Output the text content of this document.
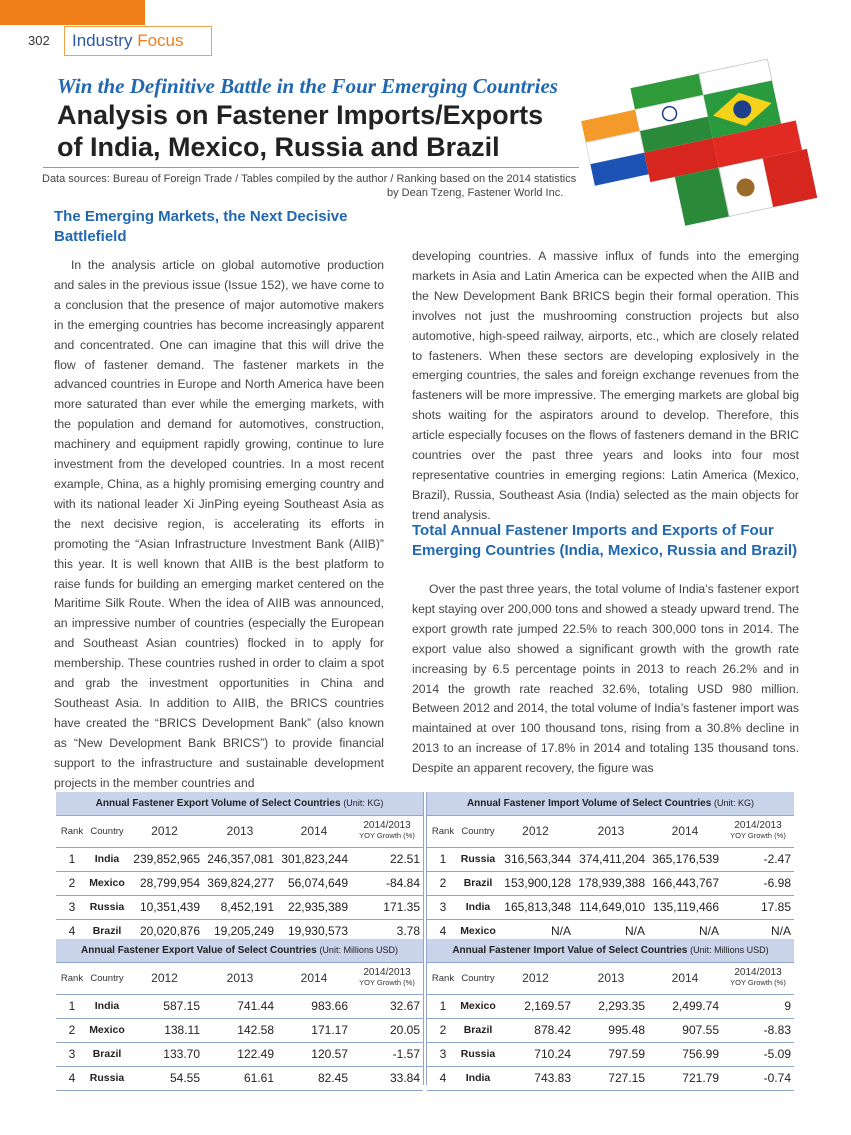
302	Industry Focus
Win the Definitive Battle in the Four Emerging Countries
Analysis on Fastener Imports/Exports
of India, Mexico, Russia and Brazil
Data sources: Bureau of Foreign Trade / Tables compiled by the author / Ranking based on the 2014 statistics
by Dean Tzeng, Fastener World Inc.
The Emerging Markets, the Next Decisive Battlefield

In the analysis article on global automotive production and sales in the previous issue (Issue 152), we have come to a conclusion that the presence of major automotive makers in the emerging countries has become increasingly apparent and concentrated. One can imagine that this will drive the flow of fastener demand. The fastener markets in the advanced countries in Europe and North America have been more saturated than ever while the emerging markets, with the population and demand for automotives, construction, machinery and equipment rapidly growing, continue to lure investment from the developed countries. In a most recent example, China, as a highly promising emerging country and with its national leader Xi JinPing eyeing Southeast Asia as the next decisive region, is accelerating its efforts in promoting the “Asian Infrastructure Investment Bank (AIIB)” this year. It is well known that AIIB is the best platform to raise funds for building an emerging market centered on the Maritime Silk Route. When the idea of AIIB was announced, an impressive number of countries (especially the European and Southeast Asian countries) flocked in to apply for membership. These countries rushed in order to claim a spot and grab the investment opportunities in China and Southeast Asia. In addition to AIIB, the BRICS countries have created the “BRICS Development Bank” (also known as “New Development Bank BRICS”) to provide financial support to the infrastructure and sustainable development projects in the member countries and

developing countries. A massive influx of funds into the emerging markets in Asia and Latin America can be expected when the AIIB and the New Development Bank BRICS begin their formal operation. This involves not just the mushrooming construction projects but also automotive, high-speed railway, airports, etc., which are closely related to fasteners. When these sectors are developing explosively in the emerging countries, the sales and foreign exchange revenues from the fasteners will be more impressive. The emerging markets are global big shots waiting for the aspirators around to develop. Therefore, this article especially focuses on the flows of fasteners demand in the BRIC countries over the past three years and looks into four most representative countries in emerging regions: Latin America (Mexico, Brazil), Russia, Southeast Asia (India) selected as the main objects for trend analysis.

Total Annual Fastener Imports and Exports of Four Emerging Countries (India, Mexico, Russia and Brazil)

Over the past three years, the total volume of India’s fastener export kept staying over 200,000 tons and showed a steady upward trend. The export growth rate jumped 22.5% to reach 300,000 tons in 2014. The export value also showed a significant growth with the growth rate increasing by 6.5 percentage points in 2013 to reach 26.2% and in 2014 the growth rate reached 32.6%, totaling USD 980 million. Between 2012 and 2014, the total volume of India’s fastener import was maintained at over 100 thousand tons, rising from a 30.8% decline in 2013 to an increase of 17.8% in 2014 and totaling 135 thousand tons. Despite an apparent recovery, the figure was

Annual Fastener Export Volume of Select Countries (Unit: KG)					
Rank	Country	2012	2013	2014	2014/2013
YOY Growth (%)

1	India	239,852,965	246,357,081	301,823,244	22.51
2	Mexico	28,799,954	369,824,277	56,074,649	-84.84
3	Russia	10,351,439	8,452,191	22,935,389	171.35
4	Brazil	20,020,876	19,205,249	19,930,573	3.78
Annual Fastener Import Volume of Select Countries (Unit: KG)					
Rank	Country	2012	2013	2014	2014/2013
YOY Growth (%)

1	Russia	316,563,344	374,411,204	365,176,539	-2.47
2	Brazil	153,900,128	178,939,388	166,443,767	-6.98
3	India	165,813,348	114,649,010	135,119,466	17.85
4	Mexico	N/A	N/A	N/A	N/A
Annual Fastener Export Value of Select Countries (Unit: Millions USD)					
Rank	Country	2012	2013	2014	2014/2013
YOY Growth (%)

1	India	587.15	741.44	983.66	32.67
2	Mexico	138.11	142.58	171.17	20.05
3	Brazil	133.70	122.49	120.57	-1.57
4	Russia	54.55	61.61	82.45	33.84
Annual Fastener Import Value of Select Countries (Unit: Millions USD)					
Rank	Country	2012	2013	2014	2014/2013
YOY Growth (%)

1	Mexico	2,169.57	2,293.35	2,499.74	9
2	Brazil	878.42	995.48	907.55	-8.83
3	Russia	710.24	797.59	756.99	-5.09
4	India	743.83	727.15	721.79	-0.74
